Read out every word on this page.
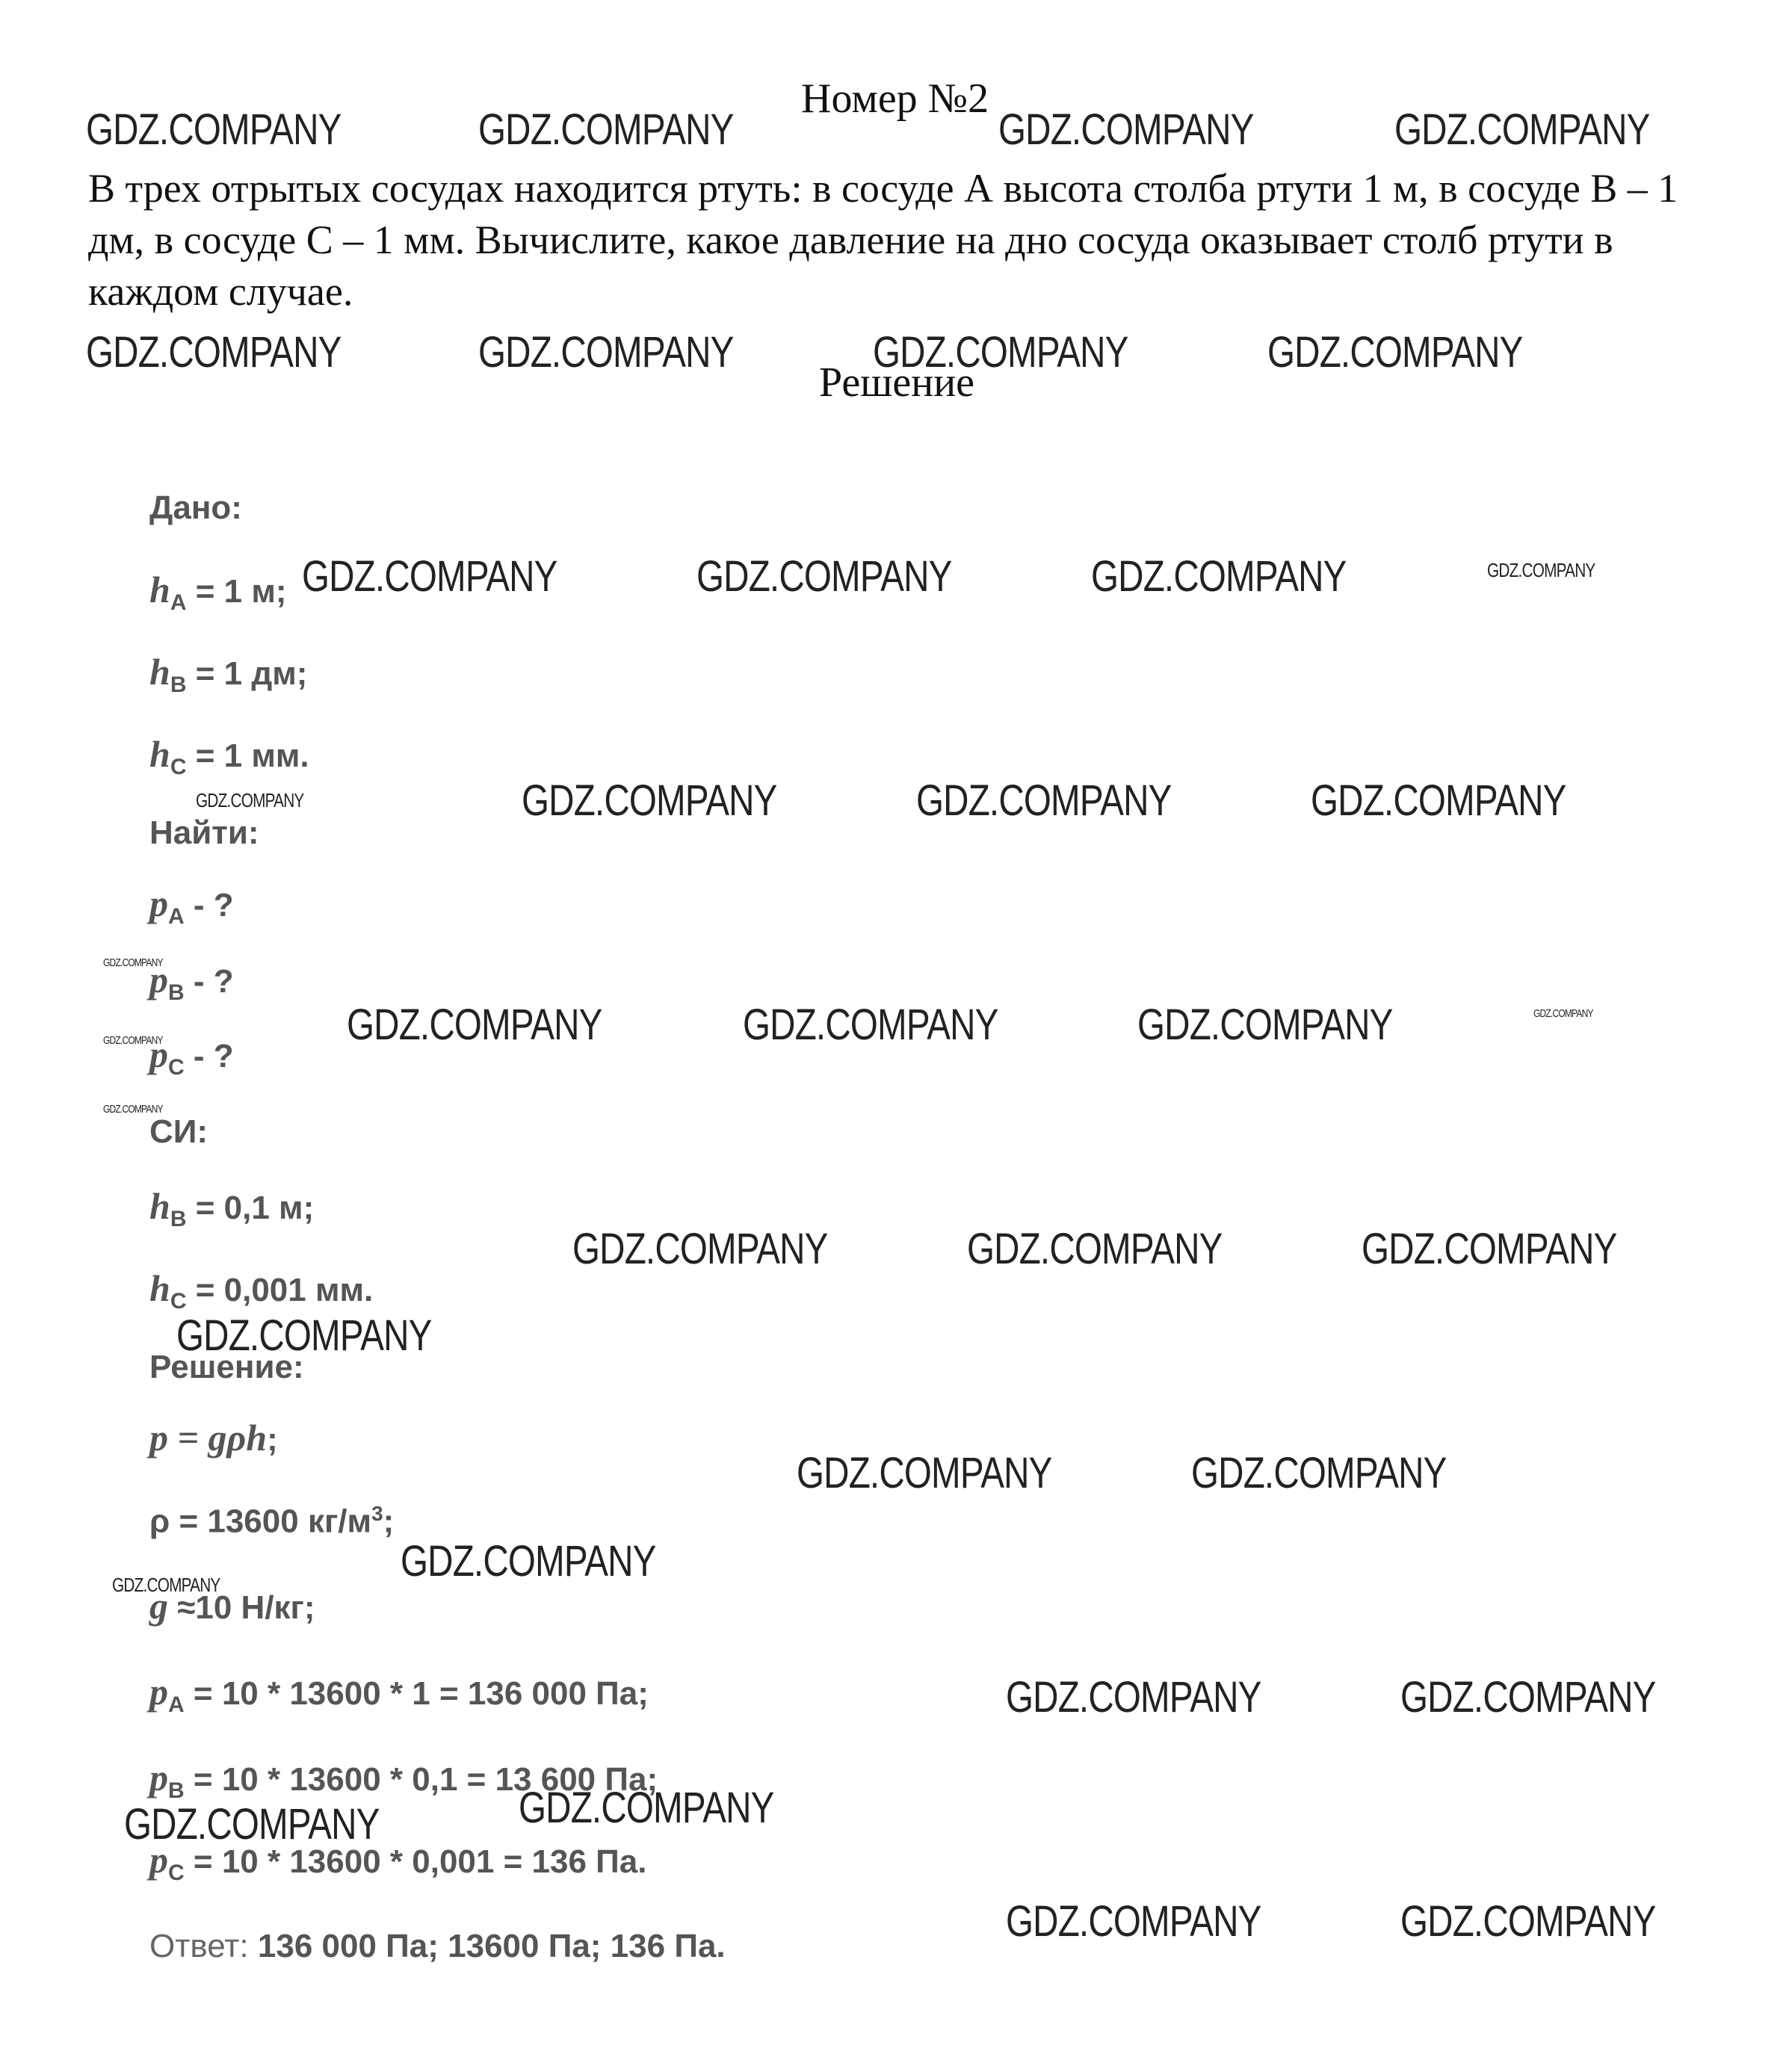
Номер №2
В трех отрытых сосудах находится ртуть: в сосуде А высота столба ртути 1 м, в сосуде В – 1 дм, в сосуде С – 1 мм. Вычислите, какое давление на дно сосуда оказывает столб ртути в каждом случае.
Решение
Дано:
$h_А = 1$ м;
$h_B = 1$ дм;
$h_С = 1$ мм.
Найти:
$p_А$ - ?
$p_B$ - ?
$p_C$ - ?
СИ:
$h_B = 0,1$ м;
$h_С = 0,001$ мм.
Решение:
p = gρh;
ρ = 13600 $кг/м^3$;
g ≈10 Н/кг;
$p_А = 10 * 13600 * 1 = 136$ 000 Па;
$p_B = 10 * 13600 * 0,1 = 13$ 600 Па;
$p_C = 10 * 13600 * 0,001 = 136$ Па.
Ответ: 136 000 Па; 13600 Па; 136 Па.
GDZ.COMPANY	GDZ.COMPANY	GDZ.COMPANY	GDZ.COMPANY
GDZ.COMPANY	GDZ.COMPANY	GDZ.COMPANY	GDZ.COMPANY
GDZ.COMPANY	GDZ.COMPANY	GDZ.COMPANY	GDZ.COMPANY
GDZ.COMPANY	GDZ.COMPANY	GDZ.COMPANY	GDZ.COMPANY
GDZ.COMPANY
GDZ.COMPANY
GDZ.COMPANY
GDZ.COMPANY	GDZ.COMPANY	GDZ.COMPANY	GDZ.COMPANY
GDZ.COMPANY	GDZ.COMPANY	GDZ.COMPANY
GDZ.COMPANY
GDZ.COMPANY	GDZ.COMPANY
GDZ.COMPANY
GDZ.COMPANY
GDZ.COMPANY	GDZ.COMPANY
GDZ.COMPANY	GDZ.COMPANY
GDZ.COMPANY	GDZ.COMPANY
